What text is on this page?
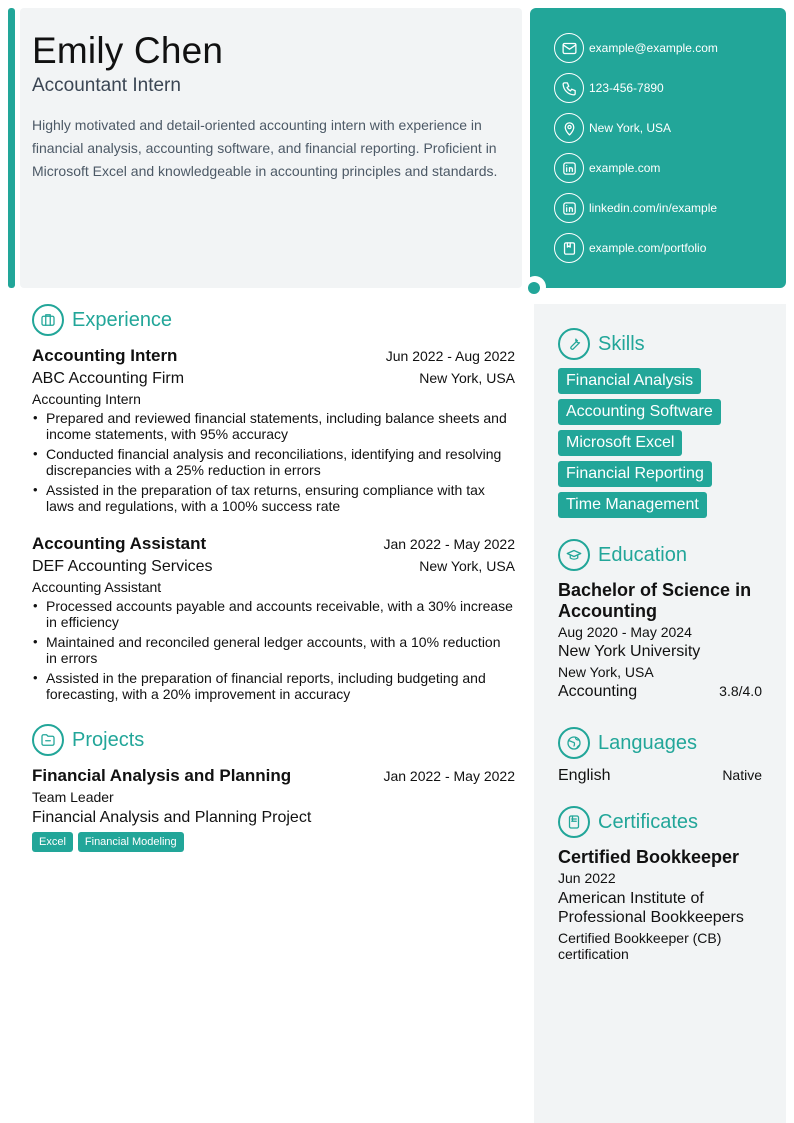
Emily Chen
Accountant Intern
Highly motivated and detail-oriented accounting intern with experience in financial analysis, accounting software, and financial reporting. Proficient in Microsoft Excel and knowledgeable in accounting principles and standards.
example@example.com
123-456-7890
New York, USA
example.com
linkedin.com/in/example
example.com/portfolio
Experience
Accounting Intern	Jun 2022 - Aug 2022
ABC Accounting Firm	New York, USA
Accounting Intern
• Prepared and reviewed financial statements, including balance sheets and income statements, with 95% accuracy
• Conducted financial analysis and reconciliations, identifying and resolving discrepancies with a 25% reduction in errors
• Assisted in the preparation of tax returns, ensuring compliance with tax laws and regulations, with a 100% success rate
Accounting Assistant	Jan 2022 - May 2022
DEF Accounting Services	New York, USA
Accounting Assistant
• Processed accounts payable and accounts receivable, with a 30% increase in efficiency
• Maintained and reconciled general ledger accounts, with a 10% reduction in errors
• Assisted in the preparation of financial reports, including budgeting and forecasting, with a 20% improvement in accuracy
Projects
Financial Analysis and Planning	Jan 2022 - May 2022
Team Leader
Financial Analysis and Planning Project
Excel Financial Modeling
Skills
Financial Analysis
Accounting Software
Microsoft Excel
Financial Reporting
Time Management
Education
Bachelor of Science in Accounting
Aug 2020 - May 2024
New York University
New York, USA
Accounting	3.8/4.0
Languages
English	Native
Certificates
Certified Bookkeeper
Jun 2022
American Institute of Professional Bookkeepers
Certified Bookkeeper (CB) certification
